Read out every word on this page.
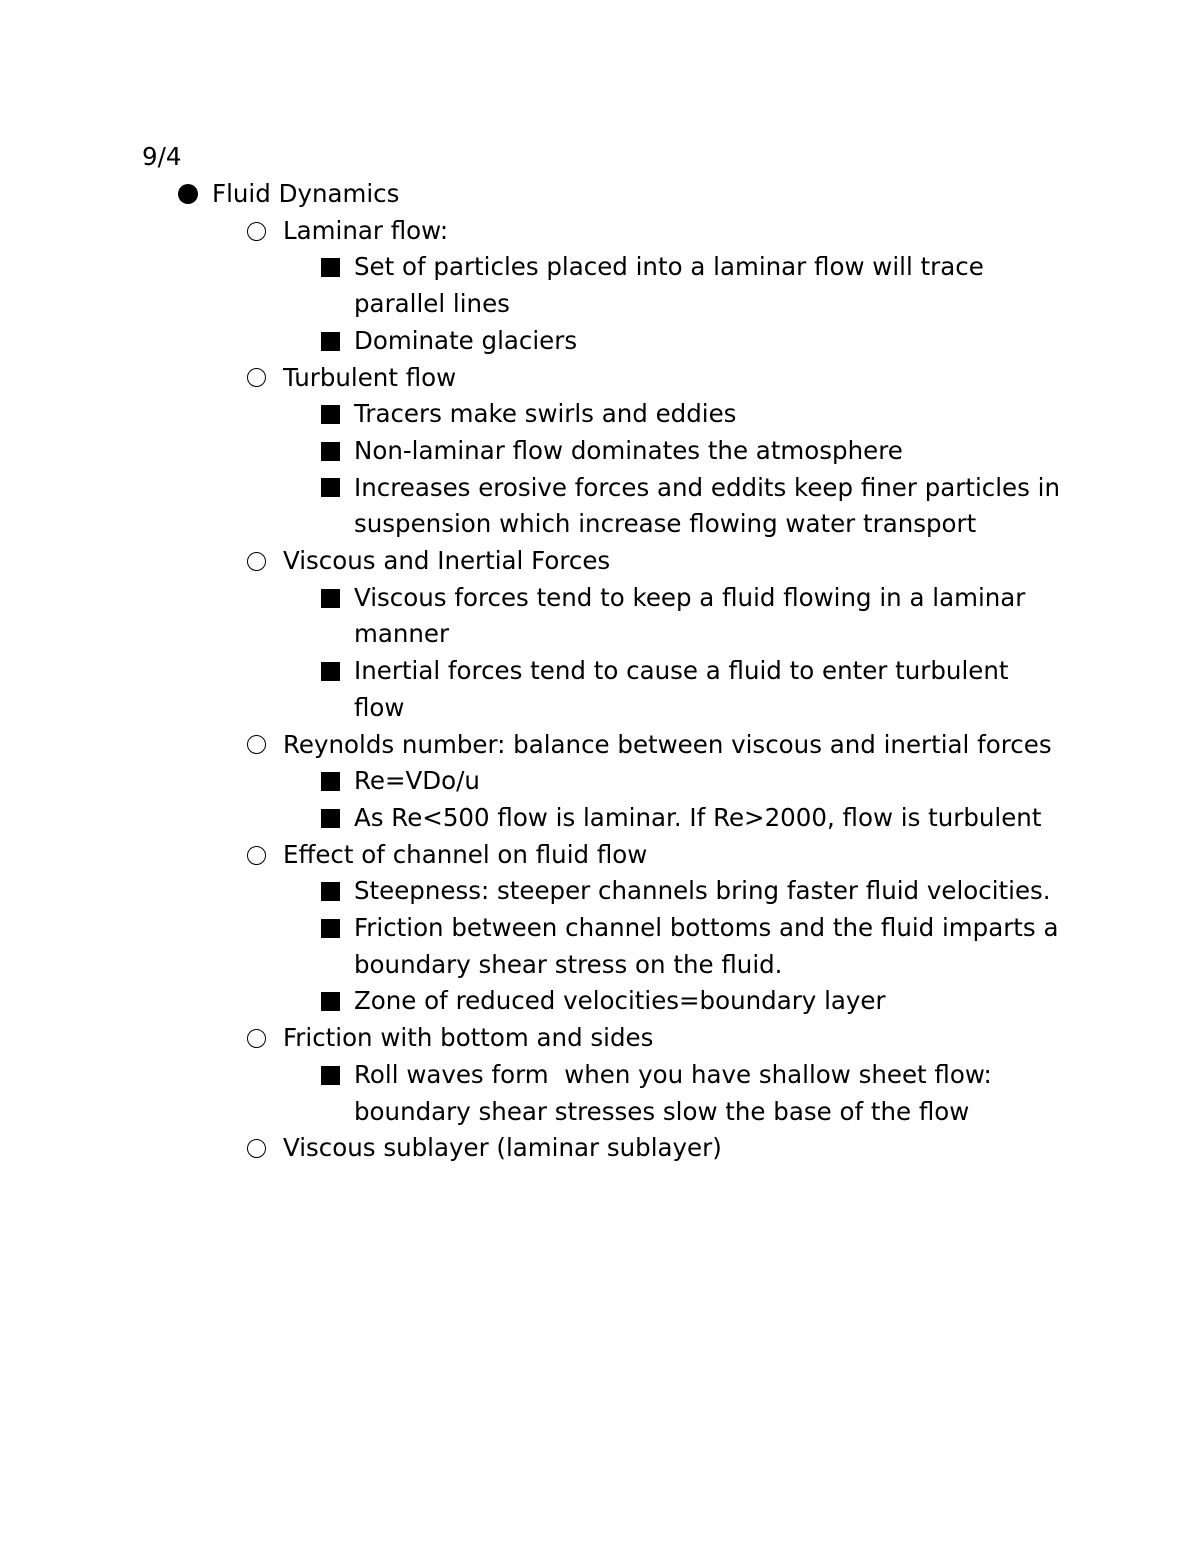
9/4

Fluid Dynamics
Laminar flow:
Set of particles placed into a laminar flow will trace parallel lines
Dominate glaciers
Turbulent flow
Tracers make swirls and eddies
Non-laminar flow dominates the atmosphere
Increases erosive forces and eddits keep finer particles in suspension which increase flowing water transport
Viscous and Inertial Forces
Viscous forces tend to keep a fluid flowing in a laminar manner
Inertial forces tend to cause a fluid to enter turbulent flow
Reynolds number: balance between viscous and inertial forces
Re=VDo/u
As Re<500 flow is laminar. If Re>2000, flow is turbulent
Effect of channel on fluid flow
Steepness: steeper channels bring faster fluid velocities.
Friction between channel bottoms and the fluid imparts a boundary shear stress on the fluid.
Zone of reduced velocities=boundary layer
Friction with bottom and sides
Roll waves form  when you have shallow sheet flow: boundary shear stresses slow the base of the flow
Viscous sublayer (laminar sublayer)
